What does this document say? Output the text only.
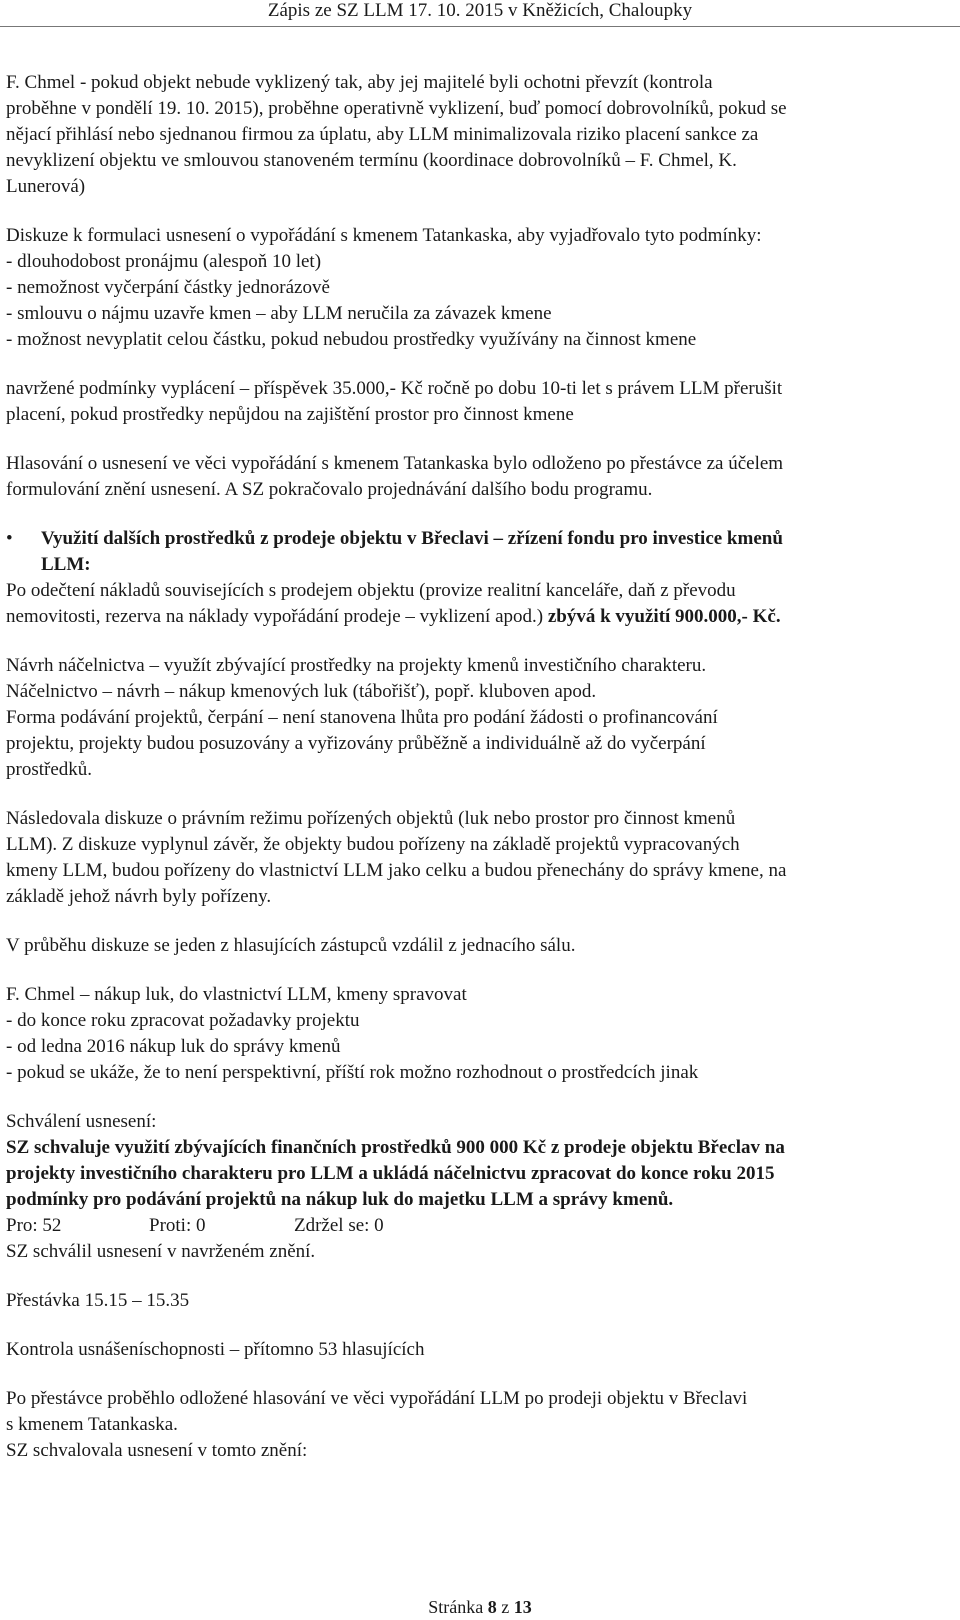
Zápis ze SZ LLM 17. 10. 2015 v Kněžicích, Chaloupky
F. Chmel - pokud objekt nebude vyklizený tak, aby jej majitelé byli ochotni převzít (kontrola
proběhne v pondělí 19. 10. 2015), proběhne operativně vyklizení, buď pomocí dobrovolníků, pokud se
nějací přihlásí nebo sjednanou firmou za úplatu, aby LLM minimalizovala riziko placení sankce za
nevyklizení objektu ve smlouvou stanoveném termínu (koordinace dobrovolníků – F. Chmel, K.
Lunerová)
Diskuze k formulaci usnesení o vypořádání s kmenem Tatankaska, aby vyjadřovalo tyto podmínky:
- dlouhodobost pronájmu (alespoň 10 let)
- nemožnost vyčerpání částky jednorázově
- smlouvu o nájmu uzavře kmen – aby LLM neručila za závazek kmene
- možnost nevyplatit celou částku, pokud nebudou prostředky využívány na činnost kmene
navržené podmínky vyplácení – příspěvek 35.000,- Kč ročně po dobu 10-ti let s právem LLM přerušit
placení, pokud prostředky nepůjdou na zajištění prostor pro činnost kmene
Hlasování o usnesení ve věci vypořádání s kmenem Tatankaska bylo odloženo po přestávce za účelem
formulování znění usnesení. A SZ pokračovalo projednávání dalšího bodu programu.
• Využití dalších prostředků z prodeje objektu v Břeclavi – zřízení fondu pro investice kmenů
LLM:
Po odečtení nákladů souvisejících s prodejem objektu (provize realitní kanceláře, daň z převodu
nemovitosti, rezerva na náklady vypořádání prodeje – vyklizení apod.) zbývá k využití 900.000,- Kč.
Návrh náčelnictva – využít zbývající prostředky na projekty kmenů investičního charakteru.
Náčelnictvo – návrh – nákup kmenových luk (tábořišť), popř. kluboven apod.
Forma podávání projektů, čerpání – není stanovena lhůta pro podání žádosti o profinancování
projektu, projekty budou posuzovány a vyřizovány průběžně a individuálně až do vyčerpání
prostředků.
Následovala diskuze o právním režimu pořízených objektů (luk nebo prostor pro činnost kmenů
LLM). Z diskuze vyplynul závěr, že objekty budou pořízeny na základě projektů vypracovaných
kmeny LLM, budou pořízeny do vlastnictví LLM jako celku a budou přenechány do správy kmene, na
základě jehož návrh byly pořízeny.
V průběhu diskuze se jeden z hlasujících zástupců vzdálil z jednacího sálu.
F. Chmel – nákup luk, do vlastnictví LLM, kmeny spravovat
- do konce roku zpracovat požadavky projektu
- od ledna 2016 nákup luk do správy kmenů
- pokud se ukáže, že to není perspektivní, příští rok možno rozhodnout o prostředcích jinak
Schválení usnesení:
SZ schvaluje využití zbývajících finančních prostředků 900 000 Kč z prodeje objektu Břeclav na
projekty investičního charakteru pro LLM a ukládá náčelnictvu zpracovat do konce roku 2015
podmínky pro podávání projektů na nákup luk do majetku LLM a správy kmenů.
Pro: 52	Proti: 0	Zdržel se: 0
SZ schválil usnesení v navrženém znění.
Přestávka 15.15 – 15.35
Kontrola usnášeníschopnosti – přítomno 53 hlasujících
Po přestávce proběhlo odložené hlasování ve věci vypořádání LLM po prodeji objektu v Břeclavi
s kmenem Tatankaska.
SZ schvalovala usnesení v tomto znění:
Stránka 8 z 13
